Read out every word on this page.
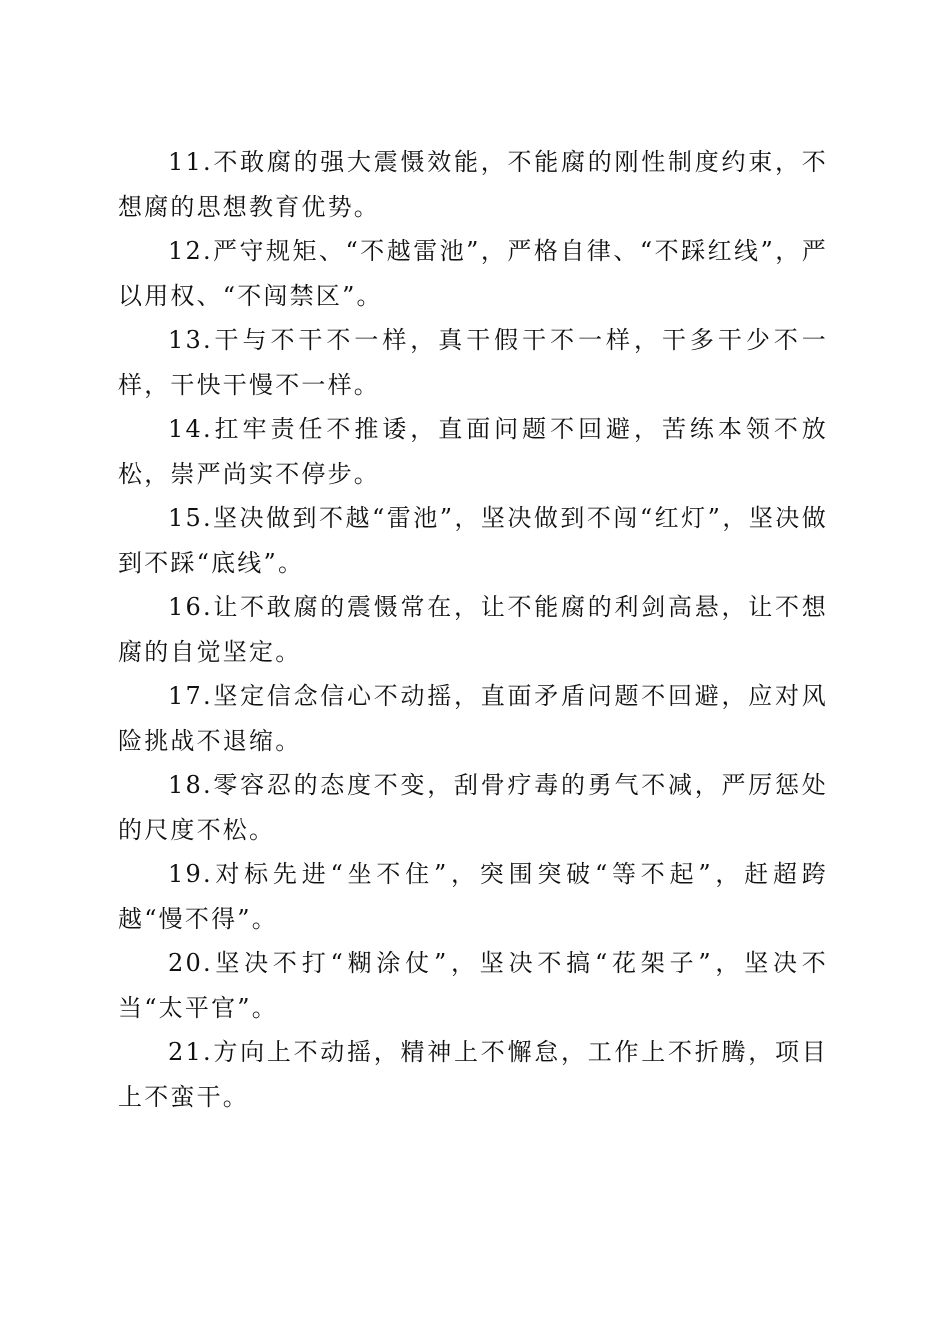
11.不敢腐的强大震慑效能，不能腐的刚性制度约束，不想腐的思想教育优势。

12.严守规矩、“不越雷池”，严格自律、“不踩红线”，严以用权、“不闯禁区”。

13.干与不干不一样，真干假干不一样，干多干少不一样，干快干慢不一样。

14.扛牢责任不推诿，直面问题不回避，苦练本领不放松，崇严尚实不停步。

15.坚决做到不越“雷池”，坚决做到不闯“红灯”，坚决做到不踩“底线”。

16.让不敢腐的震慑常在，让不能腐的利剑高悬，让不想腐的自觉坚定。

17.坚定信念信心不动摇，直面矛盾问题不回避，应对风险挑战不退缩。

18.零容忍的态度不变，刮骨疗毒的勇气不减，严厉惩处的尺度不松。

19.对标先进“坐不住”，突围突破“等不起”，赶超跨越“慢不得”。

20.坚决不打“糊涂仗”，坚决不搞“花架子”，坚决不当“太平官”。

21.方向上不动摇，精神上不懈怠，工作上不折腾，项目上不蛮干。
